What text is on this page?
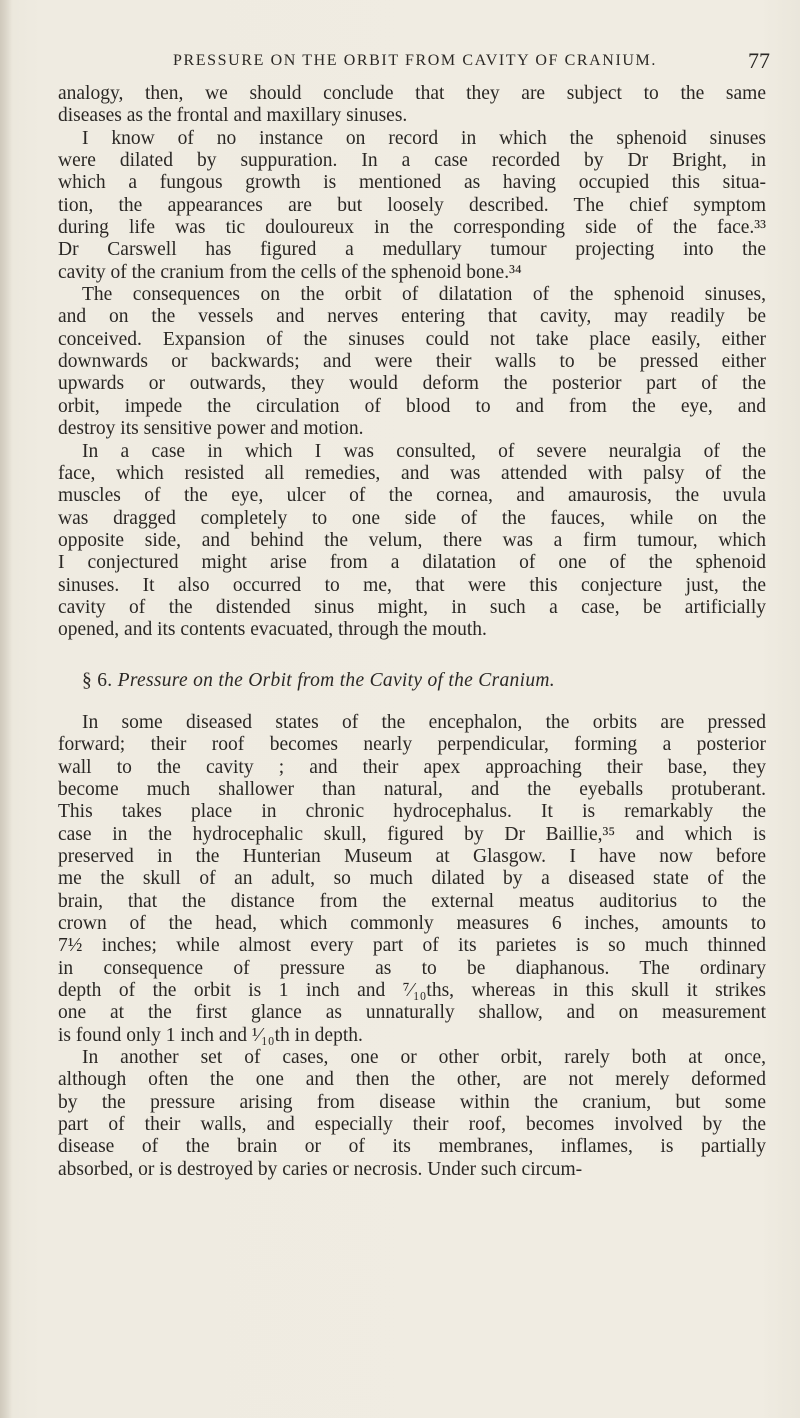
PRESSURE ON THE ORBIT FROM CAVITY OF CRANIUM.	77
analogy, then, we should conclude that they are subject to the same
diseases as the frontal and maxillary sinuses.
I know of no instance on record in which the sphenoid sinuses
were dilated by suppuration. In a case recorded by Dr Bright, in
which a fungous growth is mentioned as having occupied this situa-
tion, the appearances are but loosely described. The chief symptom
during life was tic douloureux in the corresponding side of the face.³³
Dr Carswell has figured a medullary tumour projecting into the
cavity of the cranium from the cells of the sphenoid bone.³⁴
The consequences on the orbit of dilatation of the sphenoid sinuses,
and on the vessels and nerves entering that cavity, may readily be
conceived. Expansion of the sinuses could not take place easily, either
downwards or backwards; and were their walls to be pressed either
upwards or outwards, they would deform the posterior part of the
orbit, impede the circulation of blood to and from the eye, and
destroy its sensitive power and motion.
In a case in which I was consulted, of severe neuralgia of the
face, which resisted all remedies, and was attended with palsy of the
muscles of the eye, ulcer of the cornea, and amaurosis, the uvula
was dragged completely to one side of the fauces, while on the
opposite side, and behind the velum, there was a firm tumour, which
I conjectured might arise from a dilatation of one of the sphenoid
sinuses. It also occurred to me, that were this conjecture just, the
cavity of the distended sinus might, in such a case, be artificially
opened, and its contents evacuated, through the mouth.
§ 6. Pressure on the Orbit from the Cavity of the Cranium.
In some diseased states of the encephalon, the orbits are pressed
forward; their roof becomes nearly perpendicular, forming a posterior
wall to the cavity ; and their apex approaching their base, they
become much shallower than natural, and the eyeballs protuberant.
This takes place in chronic hydrocephalus. It is remarkably the
case in the hydrocephalic skull, figured by Dr Baillie,³⁵ and which is
preserved in the Hunterian Museum at Glasgow. I have now before
me the skull of an adult, so much dilated by a diseased state of the
brain, that the distance from the external meatus auditorius to the
crown of the head, which commonly measures 6 inches, amounts to
7½ inches; while almost every part of its parietes is so much thinned
in consequence of pressure as to be diaphanous. The ordinary
depth of the orbit is 1 inch and ⁷⁄₁₀ths, whereas in this skull it strikes
one at the first glance as unnaturally shallow, and on measurement
is found only 1 inch and ¹⁄₁₀th in depth.
In another set of cases, one or other orbit, rarely both at once,
although often the one and then the other, are not merely deformed
by the pressure arising from disease within the cranium, but some
part of their walls, and especially their roof, becomes involved by the
disease of the brain or of its membranes, inflames, is partially
absorbed, or is destroyed by caries or necrosis. Under such circum-
